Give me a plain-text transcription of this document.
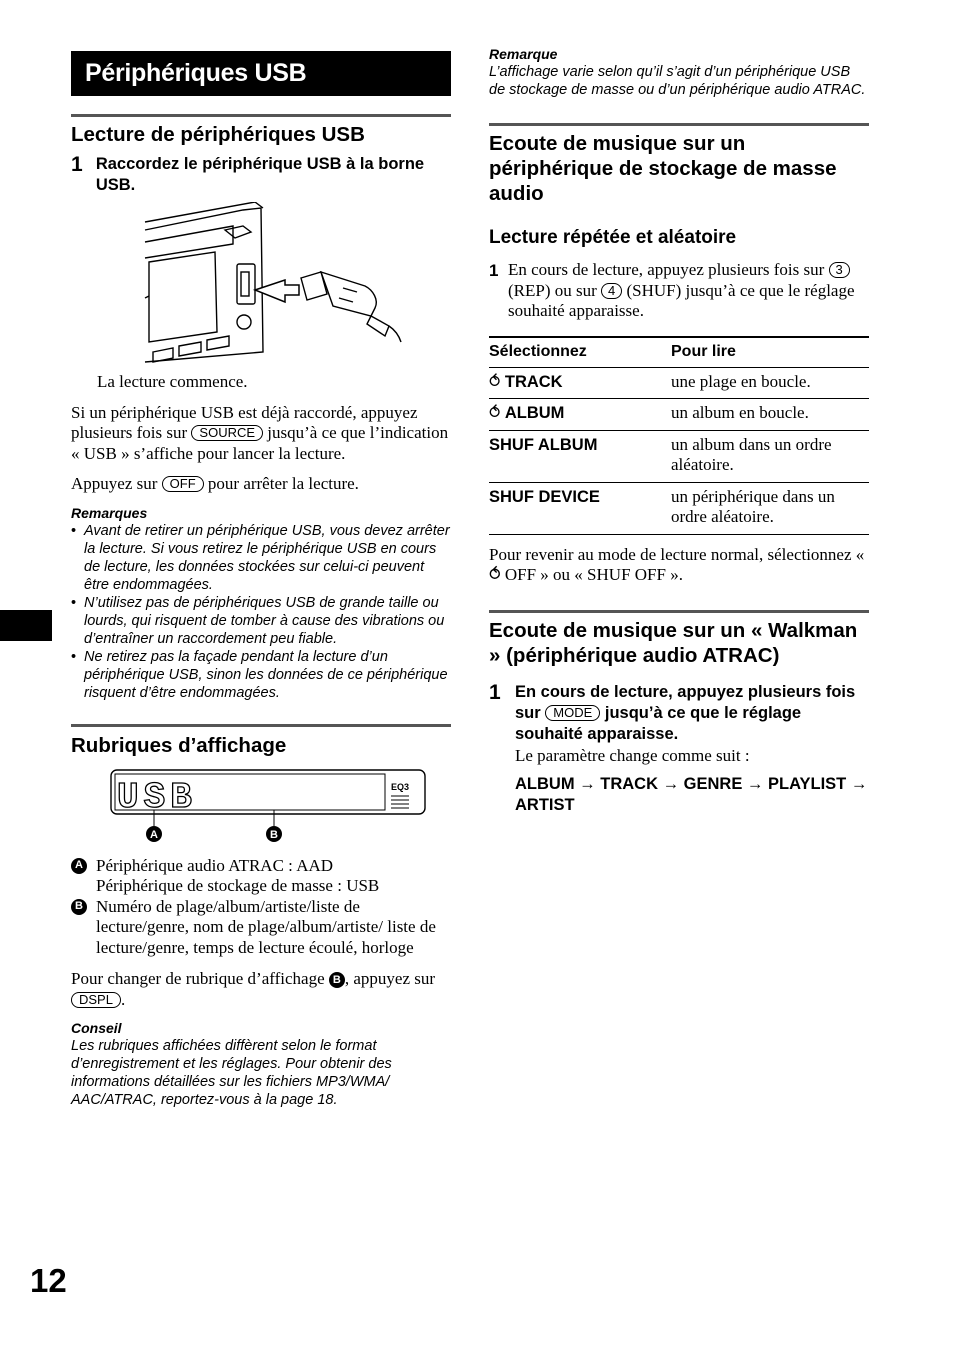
Périphériques USB
Lecture de périphériques USB
1 Raccordez le périphérique USB à la borne USB.
La lecture commence.
Si un périphérique USB est déjà raccordé, appuyez plusieurs fois sur SOURCE jusqu’à ce que l’indication « USB » s’affiche pour lancer la lecture.
Appuyez sur OFF pour arrêter la lecture.
Remarques
• Avant de retirer un périphérique USB, vous devez arrêter la lecture. Si vous retirez le périphérique USB en cours de lecture, les données stockées sur celui-ci peuvent être endommagées.
• N’utilisez pas de périphériques USB de grande taille ou lourds, qui risquent de tomber à cause des vibrations ou d’entraîner un raccordement peu fiable.
• Ne retirez pas la façade pendant la lecture d’un périphérique USB, sinon les données de ce périphérique risquent d’être endommagées.
Rubriques d’affichage
USB	EQ3
A	B
A Périphérique audio ATRAC : AAD
Périphérique de stockage de masse : USB
B Numéro de plage/album/artiste/liste de lecture/genre, nom de plage/album/artiste/ liste de lecture/genre, temps de lecture écoulé, horloge
Pour changer de rubrique d’affichage B , appuyez sur DSPL .
Conseil
Les rubriques affichées diffèrent selon le format d’enregistrement et les réglages. Pour obtenir des informations détaillées sur les fichiers MP3/WMA/ AAC/ATRAC, reportez-vous à la page 18.
Remarque
L’affichage varie selon qu’il s’agit d’un périphérique USB de stockage de masse ou d’un périphérique audio ATRAC.
Ecoute de musique sur un périphérique de stockage de masse audio
Lecture répétée et aléatoire
1 En cours de lecture, appuyez plusieurs fois sur 3 (REP) ou sur 4 (SHUF) jusqu’à ce que le réglage souhaité apparaisse.
Sélectionnez	Pour lire
⥀ TRACK	une plage en boucle.
⥀ ALBUM	un album en boucle.
SHUF ALBUM	un album dans un ordre aléatoire.
SHUF DEVICE	un périphérique dans un ordre aléatoire.
Pour revenir au mode de lecture normal, sélectionnez « ⥀ OFF » ou « SHUF OFF ».
Ecoute de musique sur un « Walkman » (périphérique audio ATRAC)
1 En cours de lecture, appuyez plusieurs fois sur MODE jusqu’à ce que le réglage souhaité apparaisse.
Le paramètre change comme suit :
ALBUM → TRACK → GENRE → PLAYLIST → ARTIST
12
